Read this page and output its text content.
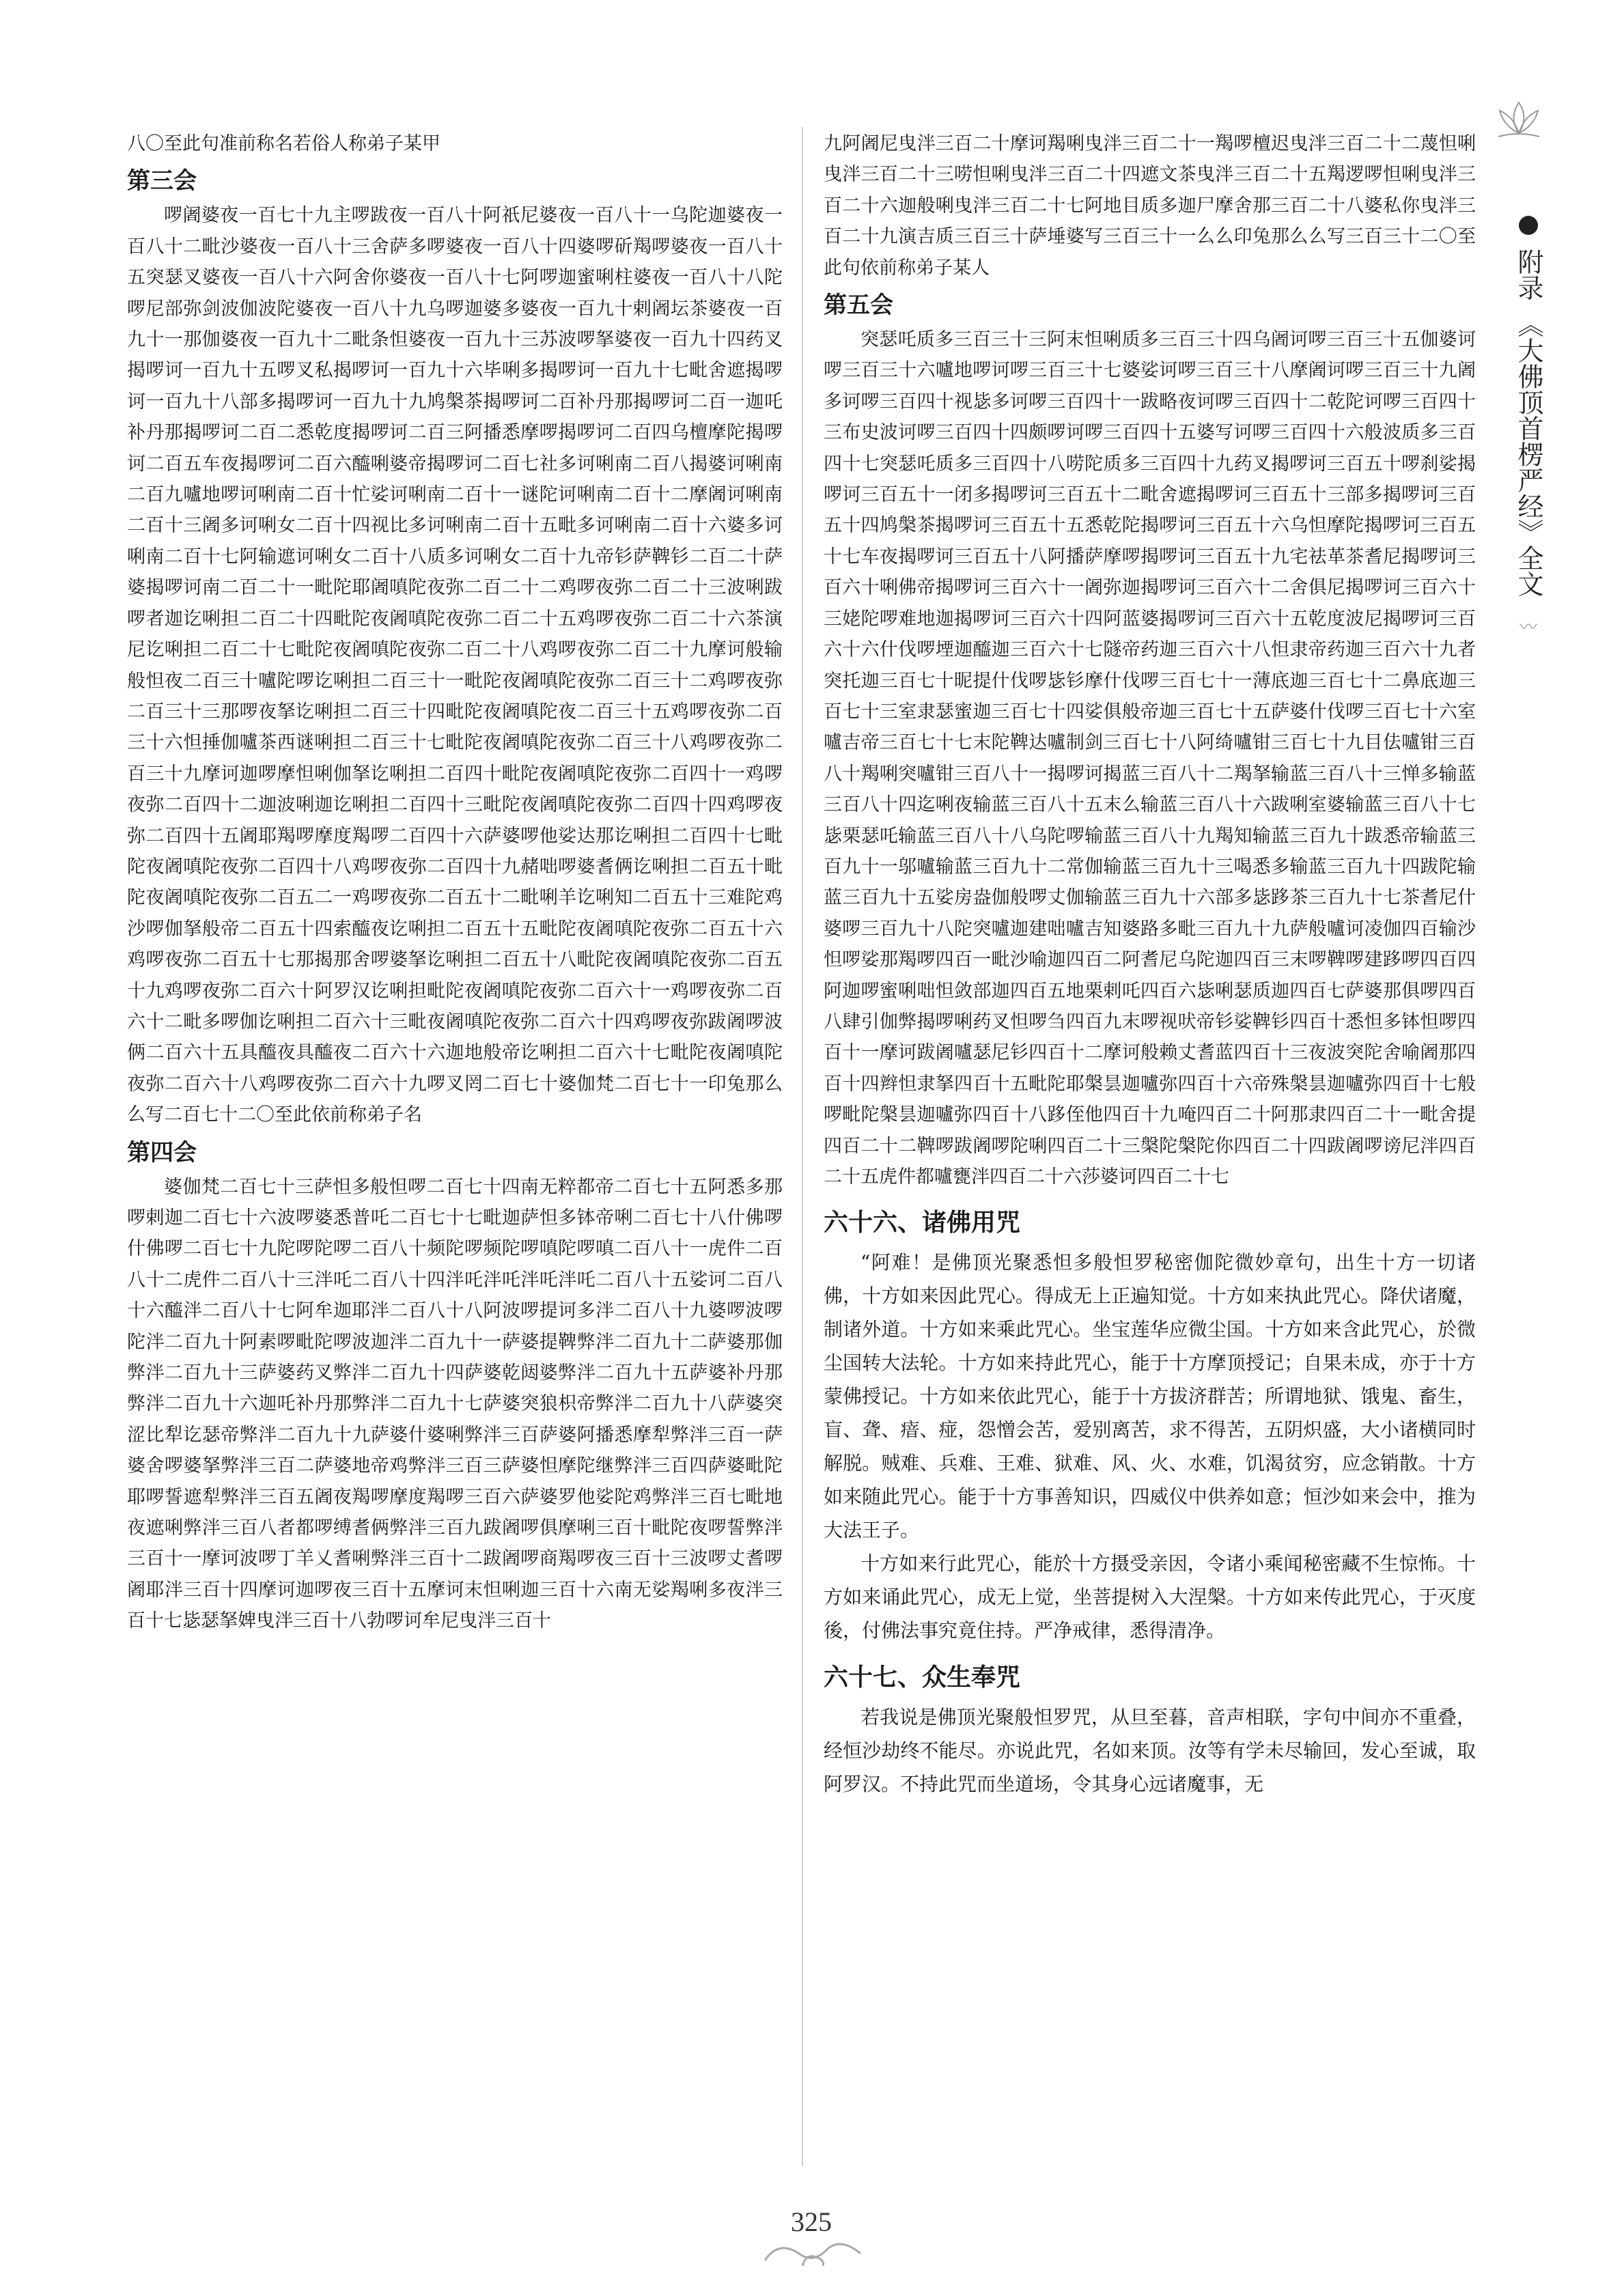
八〇至此句准前称名若俗人称弟子某甲

第三会

啰阇婆夜一百七十九主啰跋夜一百八十阿祇尼婆夜一百八十一乌陀迦婆夜一百八十二毗沙婆夜一百八十三舍萨多啰婆夜一百八十四婆啰斫羯啰婆夜一百八十五突瑟叉婆夜一百八十六阿舍你婆夜一百八十七阿啰迦蜜唎柱婆夜一百八十八陀啰尼部弥剑波伽波陀婆夜一百八十九乌啰迦婆多婆夜一百九十剌阇坛茶婆夜一百九十一那伽婆夜一百九十二毗条怛婆夜一百九十三苏波啰拏婆夜一百九十四药叉揭啰诃一百九十五啰叉私揭啰诃一百九十六毕唎多揭啰诃一百九十七毗舍遮揭啰诃一百九十八部多揭啰诃一百九十九鸠槃茶揭啰诃二百补丹那揭啰诃二百一迦吒补丹那揭啰诃二百二悉乾度揭啰诃二百三阿播悉摩啰揭啰诃二百四乌檀摩陀揭啰诃二百五车夜揭啰诃二百六醯唎婆帝揭啰诃二百七社多诃唎南二百八揭婆诃唎南二百九嚧地啰诃唎南二百十忙娑诃唎南二百十一谜陀诃唎南二百十二摩阇诃唎南二百十三阇多诃唎女二百十四视比多诃唎南二百十五毗多诃唎南二百十六婆多诃唎南二百十七阿输遮诃唎女二百十八质多诃唎女二百十九帝钐萨鞞钐二百二十萨婆揭啰诃南二百二十一毗陀耶阇嗔陀夜弥二百二十二鸡啰夜弥二百二十三波唎跋啰者迦讫唎担二百二十四毗陀夜阇嗔陀夜弥二百二十五鸡啰夜弥二百二十六茶演尼讫唎担二百二十七毗陀夜阇嗔陀夜弥二百二十八鸡啰夜弥二百二十九摩诃般输般怛夜二百三十嚧陀啰讫唎担二百三十一毗陀夜阇嗔陀夜弥二百三十二鸡啰夜弥二百三十三那啰夜拏讫唎担二百三十四毗陀夜阇嗔陀夜二百三十五鸡啰夜弥二百三十六怛捶伽嚧茶西谜唎担二百三十七毗陀夜阇嗔陀夜弥二百三十八鸡啰夜弥二百三十九摩诃迦啰摩怛唎伽拏讫唎担二百四十毗陀夜阇嗔陀夜弥二百四十一鸡啰夜弥二百四十二迦波唎迦讫唎担二百四十三毗陀夜阇嗔陀夜弥二百四十四鸡啰夜弥二百四十五阇耶羯啰摩度羯啰二百四十六萨婆啰他娑达那讫唎担二百四十七毗陀夜阇嗔陀夜弥二百四十八鸡啰夜弥二百四十九赭咄啰婆耆俩讫唎担二百五十毗陀夜阇嗔陀夜弥二百五二一鸡啰夜弥二百五十二毗唎羊讫唎知二百五十三难陀鸡沙啰伽拏般帝二百五十四索醯夜讫唎担二百五十五毗陀夜阇嗔陀夜弥二百五十六鸡啰夜弥二百五十七那揭那舍啰婆拏讫唎担二百五十八毗陀夜阇嗔陀夜弥二百五十九鸡啰夜弥二百六十阿罗汉讫唎担毗陀夜阇嗔陀夜弥二百六十一鸡啰夜弥二百六十二毗多啰伽讫唎担二百六十三毗夜阇嗔陀夜弥二百六十四鸡啰夜弥跋阇啰波俩二百六十五具醯夜具醯夜二百六十六迦地般帝讫唎担二百六十七毗陀夜阇嗔陀夜弥二百六十八鸡啰夜弥二百六十九啰叉罔二百七十婆伽梵二百七十一印兔那么么写二百七十二〇至此依前称弟子名

第四会

婆伽梵二百七十三萨怛多般怛啰二百七十四南无粹都帝二百七十五阿悉多那啰剌迦二百七十六波啰婆悉普吒二百七十七毗迦萨怛多钵帝唎二百七十八什佛啰什佛啰二百七十九陀啰陀啰二百八十频陀啰频陀啰嗔陀啰嗔二百八十一虎件二百八十二虎件二百八十三泮吒二百八十四泮吒泮吒泮吒泮吒二百八十五娑诃二百八十六醯泮二百八十七阿牟迦耶泮二百八十八阿波啰提诃多泮二百八十九婆啰波啰陀泮二百九十阿素啰毗陀啰波迦泮二百九十一萨婆提鞞弊泮二百九十二萨婆那伽弊泮二百九十三萨婆药叉弊泮二百九十四萨婆乾闼婆弊泮二百九十五萨婆补丹那弊泮二百九十六迦吒补丹那弊泮二百九十七萨婆突狼枳帝弊泮二百九十八萨婆突涩比犁讫瑟帝弊泮二百九十九萨婆什婆唎弊泮三百萨婆阿播悉摩犁弊泮三百一萨婆舍啰婆拏弊泮三百二萨婆地帝鸡弊泮三百三萨婆怛摩陀继弊泮三百四萨婆毗陀耶啰誓遮犁弊泮三百五阇夜羯啰摩度羯啰三百六萨婆罗他娑陀鸡弊泮三百七毗地夜遮唎弊泮三百八者都啰缚耆俩弊泮三百九跋阇啰俱摩唎三百十毗陀夜啰誓弊泮三百十一摩诃波啰丁羊乂耆唎弊泮三百十二跋阇啰商羯啰夜三百十三波啰丈耆啰阇耶泮三百十四摩诃迦啰夜三百十五摩诃末怛唎迦三百十六南无娑羯唎多夜泮三百十七毖瑟拏婢曳泮三百十八勃啰诃牟尼曳泮三百十

九阿阇尼曳泮三百二十摩诃羯唎曳泮三百二十一羯啰檀迟曳泮三百二十二蔑怛唎曳泮三百二十三唠怛唎曳泮三百二十四遮文茶曳泮三百二十五羯逻啰怛唎曳泮三百二十六迦般唎曳泮三百二十七阿地目质多迦尸摩舍那三百二十八婆私你曳泮三百二十九演吉质三百三十萨埵婆写三百三十一么么印兔那么么写三百三十二〇至此句依前称弟子某人

第五会

突瑟吒质多三百三十三阿末怛唎质多三百三十四乌阇诃啰三百三十五伽婆诃啰三百三十六嚧地啰诃啰三百三十七婆娑诃啰三百三十八摩阇诃啰三百三十九阇多诃啰三百四十视毖多诃啰三百四十一跋略夜诃啰三百四十二乾陀诃啰三百四十三布史波诃啰三百四十四颇啰诃啰三百四十五婆写诃啰三百四十六般波质多三百四十七突瑟吒质多三百四十八唠陀质多三百四十九药叉揭啰诃三百五十啰刹娑揭啰诃三百五十一闭多揭啰诃三百五十二毗舍遮揭啰诃三百五十三部多揭啰诃三百五十四鸠槃茶揭啰诃三百五十五悉乾陀揭啰诃三百五十六乌怛摩陀揭啰诃三百五十七车夜揭啰诃三百五十八阿播萨摩啰揭啰诃三百五十九宅祛革茶耆尼揭啰诃三百六十唎佛帝揭啰诃三百六十一阇弥迦揭啰诃三百六十二舍俱尼揭啰诃三百六十三姥陀啰难地迦揭啰诃三百六十四阿蓝婆揭啰诃三百六十五乾度波尼揭啰诃三百六十六什伐啰堙迦醯迦三百六十七隧帝药迦三百六十八怛隶帝药迦三百六十九者突托迦三百七十昵提什伐啰毖钐摩什伐啰三百七十一薄底迦三百七十二鼻底迦三百七十三室隶瑟蜜迦三百七十四娑俱般帝迦三百七十五萨婆什伐啰三百七十六室嚧吉帝三百七十七末陀鞞达嚧制剑三百七十八阿绮嚧钳三百七十九目佉嚧钳三百八十羯唎突嚧钳三百八十一揭啰诃揭蓝三百八十二羯拏输蓝三百八十三惮多输蓝三百八十四迄唎夜输蓝三百八十五末么输蓝三百八十六跋唎室婆输蓝三百八十七毖栗瑟吒输蓝三百八十八乌陀啰输蓝三百八十九羯知输蓝三百九十跋悉帝输蓝三百九十一邬嚧输蓝三百九十二常伽输蓝三百九十三喝悉多输蓝三百九十四跋陀输蓝三百九十五娑房盎伽般啰丈伽输蓝三百九十六部多毖跢茶三百九十七茶耆尼什婆啰三百九十八陀突嚧迦建咄嚧吉知婆路多毗三百九十九萨般嚧诃凌伽四百输沙怛啰娑那羯啰四百一毗沙喻迦四百二阿耆尼乌陀迦四百三末啰鞞啰建跢啰四百四阿迦啰蜜唎咄怛敛部迦四百五地栗剌吒四百六毖唎瑟质迦四百七萨婆那俱啰四百八肆引伽弊揭啰唎药叉怛啰刍四百九末啰视吠帝钐娑鞞钐四百十悉怛多钵怛啰四百十一摩诃跋阇嚧瑟尼钐四百十二摩诃般赖丈耆蓝四百十三夜波突陀舍喻阇那四百十四辫怛隶拏四百十五毗陀耶槃昙迦嚧弥四百十六帝殊槃昙迦嚧弥四百十七般啰毗陀槃昙迦嚧弥四百十八跢侄他四百十九唵四百二十阿那隶四百二十一毗舍提四百二十二鞞啰跋阇啰陀唎四百二十三槃陀槃陀你四百二十四跋阇啰谤尼泮四百二十五虎件都嚧甕泮四百二十六莎婆诃四百二十七

六十六、诸佛用咒

“阿难！是佛顶光聚悉怛多般怛罗秘密伽陀微妙章句，出生十方一切诸佛，十方如来因此咒心。得成无上正遍知觉。十方如来执此咒心。降伏诸魔，制诸外道。十方如来乘此咒心。坐宝莲华应微尘国。十方如来含此咒心，於微尘国转大法轮。十方如来持此咒心，能于十方摩顶授记；自果未成，亦于十方蒙佛授记。十方如来依此咒心，能于十方拔济群苦；所谓地狱、饿鬼、畜生，盲、聋、瘖、痖，怨憎会苦，爱别离苦，求不得苦，五阴炽盛，大小诸横同时解脱。贼难、兵难、王难、狱难、风、火、水难，饥渴贫穷，应念销散。十方如来随此咒心。能于十方事善知识，四威仪中供养如意；恒沙如来会中，推为大法王子。

十方如来行此咒心，能於十方摄受亲因，令诸小乘闻秘密藏不生惊怖。十方如来诵此咒心，成无上觉，坐菩提树入大涅槃。十方如来传此咒心，于灭度後，付佛法事究竟住持。严净戒律，悉得清净。

六十七、众生奉咒

若我说是佛顶光聚般怛罗咒，从旦至暮，音声相联，字句中间亦不重叠，经恒沙劫终不能尽。亦说此咒，名如来顶。汝等有学未尽输回，发心至诚，取阿罗汉。不持此咒而坐道场，令其身心远诸魔事，无

附录
《大佛顶首楞严经》全文
〰
325
